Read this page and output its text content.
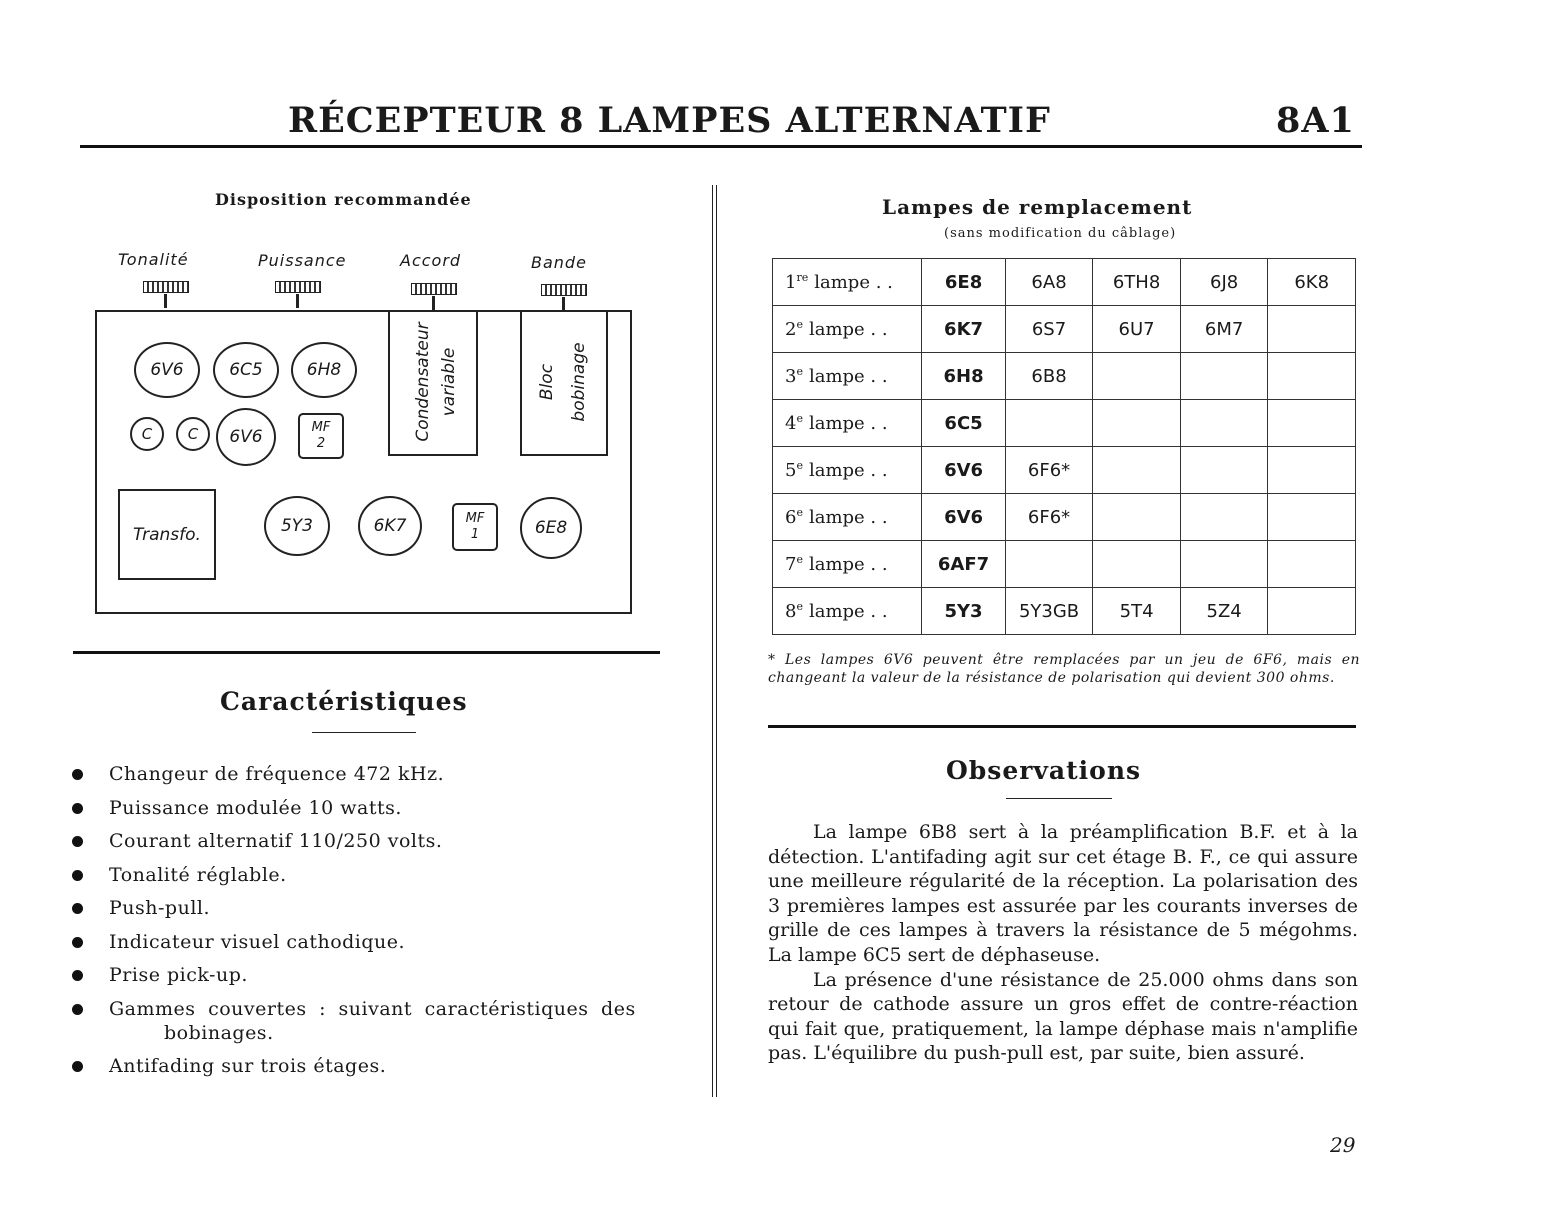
RÉCEPTEUR 8 LAMPES ALTERNATIF	8A1
Disposition recommandée
Tonalité	Puissance	Accord	Bande
6V6	6C5	6H8
C	C	6V6	MF
2
Condensateur variable	Bloc bobinage
Transfo.	5Y3	6K7	MF
1	6E8
Caractéristiques
Changeur de fréquence 472 kHz.
Puissance modulée 10 watts.
Courant alternatif 110/250 volts.
Tonalité réglable.
Push-pull.
Indicateur visuel cathodique.
Prise pick-up.
Gammes couvertes : suivant caractéristiques des
bobinages.
Antifading sur trois étages.
Lampes de remplacement
(sans modification du câblage)
1re lampe . .	6E8	6A8	6TH8	6J8	6K8
2e lampe . .	6K7	6S7	6U7	6M7	
3e lampe . .	6H8	6B8			
4e lampe . .	6C5				
5e lampe . .	6V6	6F6*			
6e lampe . .	6V6	6F6*			
7e lampe . .	6AF7				
8e lampe . .	5Y3	5Y3GB	5T4	5Z4	
* Les lampes 6V6 peuvent être remplacées par un jeu de 6F6, mais en changeant la valeur de la résistance de polarisation qui devient 300 ohms.
Observations

La lampe 6B8 sert à la préamplification B.F. et à la détection. L'antifading agit sur cet étage B. F., ce qui assure une meilleure régularité de la réception. La polarisation des 3 premières lampes est assurée par les courants inverses de grille de ces lampes à travers la résistance de 5 mégohms. La lampe 6C5 sert de déphaseuse.

La présence d'une résistance de 25.000 ohms dans son retour de cathode assure un gros effet de contre-réaction qui fait que, pratiquement, la lampe déphase mais n'amplifie pas. L'équilibre du push-pull est, par suite, bien assuré.

29
